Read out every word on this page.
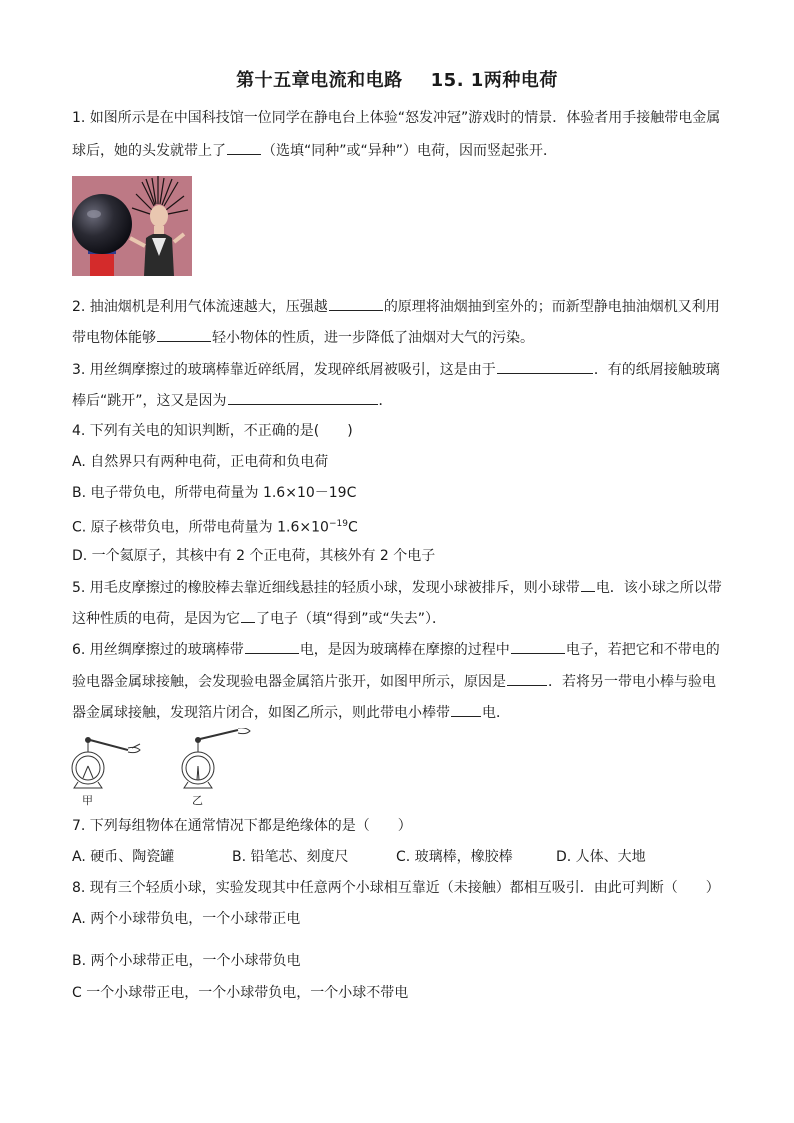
第十五章电流和电路 15. 1两种电荷
1. 如图所示是在中国科技馆一位同学在静电台上体验“怒发冲冠”游戏时的情景．体验者用手接触带电金属
球后，她的头发就带上了	（选填“同种”或“异种”）电荷，因而竖起张开．
2. 抽油烟机是利用气体流速越大，压强越	的原理将油烟抽到室外的；而新型静电抽油烟机又利用
带电物体能够	轻小物体的性质，进一步降低了油烟对大气的污染。
3. 用丝绸摩擦过的玻璃棒靠近碎纸屑，发现碎纸屑被吸引，这是由于	．有的纸屑接触玻璃
棒后“跳开”，这又是因为	．
4. 下列有关电的知识判断，不正确的是(　　)
A. 自然界只有两种电荷，正电荷和负电荷
B. 电子带负电，所带电荷量为 1.6×10－19C
C. 原子核带负电，所带电荷量为 $1.6\times 10^{-19}C$
D. 一个氦原子，其核中有 2 个正电荷，其核外有 2 个电子
5. 用毛皮摩擦过的橡胶棒去靠近细线悬挂的轻质小球，发现小球被排斥，则小球带 电．该小球之所以带
这种性质的电荷，是因为它 了电子（填“得到”或“失去”）．
6. 用丝绸摩擦过的玻璃棒带	电，是因为玻璃棒在摩擦的过程中	电子，若把它和不带电的
验电器金属球接触，会发现验电器金属箔片张开，如图甲所示，原因是	．若将另一带电小棒与验电
器金属球接触，发现箔片闭合，如图乙所示，则此带电小棒带 电．
甲	乙
7. 下列每组物体在通常情况下都是绝缘体的是（　　）
A. 硬币、陶瓷罐	B. 铅笔芯、刻度尺	C. 玻璃棒，橡胶棒	D. 人体、大地
8. 现有三个轻质小球，实验发现其中任意两个小球相互靠近（未接触）都相互吸引．由此可判断（　　）
A. 两个小球带负电，一个小球带正电
B. 两个小球带正电，一个小球带负电
C 一个小球带正电，一个小球带负电，一个小球不带电
